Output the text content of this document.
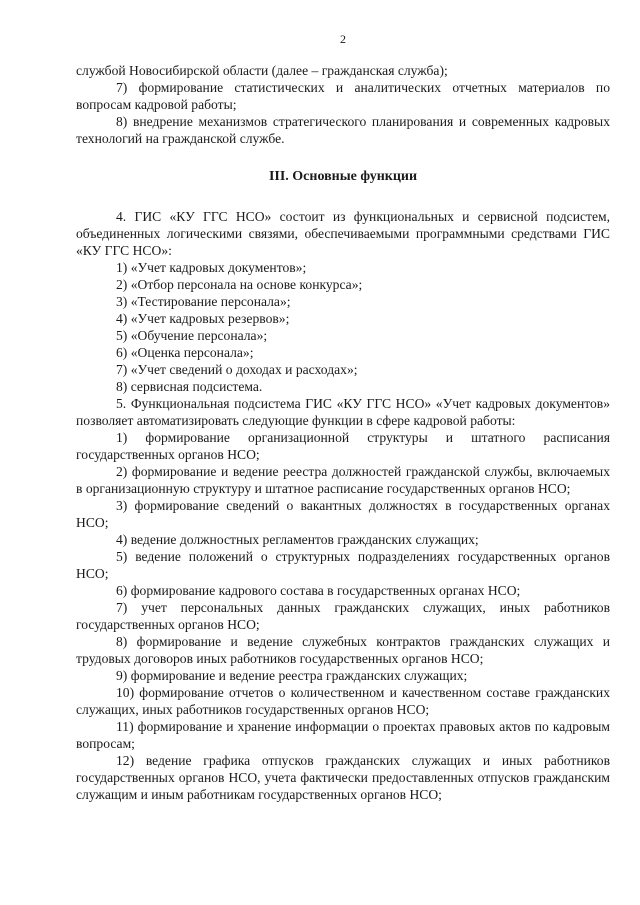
2

службой Новосибирской области (далее – гражданская служба);

7) формирование статистических и аналитических отчетных материалов по вопросам кадровой работы;

8) внедрение механизмов стратегического планирования и современных кадровых технологий на гражданской службе.

III. Основные функции

4. ГИС «КУ ГГС НСО» состоит из функциональных и сервисной подсистем, объединенных логическими связями, обеспечиваемыми программными средствами ГИС «КУ ГГС НСО»:

1) «Учет кадровых документов»;

2) «Отбор персонала на основе конкурса»;

3) «Тестирование персонала»;

4) «Учет кадровых резервов»;

5) «Обучение персонала»;

6) «Оценка персонала»;

7) «Учет сведений о доходах и расходах»;

8) сервисная подсистема.

5. Функциональная подсистема ГИС «КУ ГГС НСО» «Учет кадровых документов» позволяет автоматизировать следующие функции в сфере кадровой работы:

1) формирование организационной структуры и штатного расписания государственных органов НСО;

2) формирование и ведение реестра должностей гражданской службы, включаемых в организационную структуру и штатное расписание государственных органов НСО;

3) формирование сведений о вакантных должностях в государственных органах НСО;

4) ведение должностных регламентов гражданских служащих;

5) ведение положений о структурных подразделениях государственных органов НСО;

6) формирование кадрового состава в государственных органах НСО;

7) учет персональных данных гражданских служащих, иных работников государственных органов НСО;

8) формирование и ведение служебных контрактов гражданских служащих и трудовых договоров иных работников государственных органов НСО;

9) формирование и ведение реестра гражданских служащих;

10) формирование отчетов о количественном и качественном составе гражданских служащих, иных работников государственных органов НСО;

11) формирование и хранение информации о проектах правовых актов по кадровым вопросам;

12) ведение графика отпусков гражданских служащих и иных работников государственных органов НСО, учета фактически предоставленных отпусков гражданским служащим и иным работникам государственных органов НСО;
